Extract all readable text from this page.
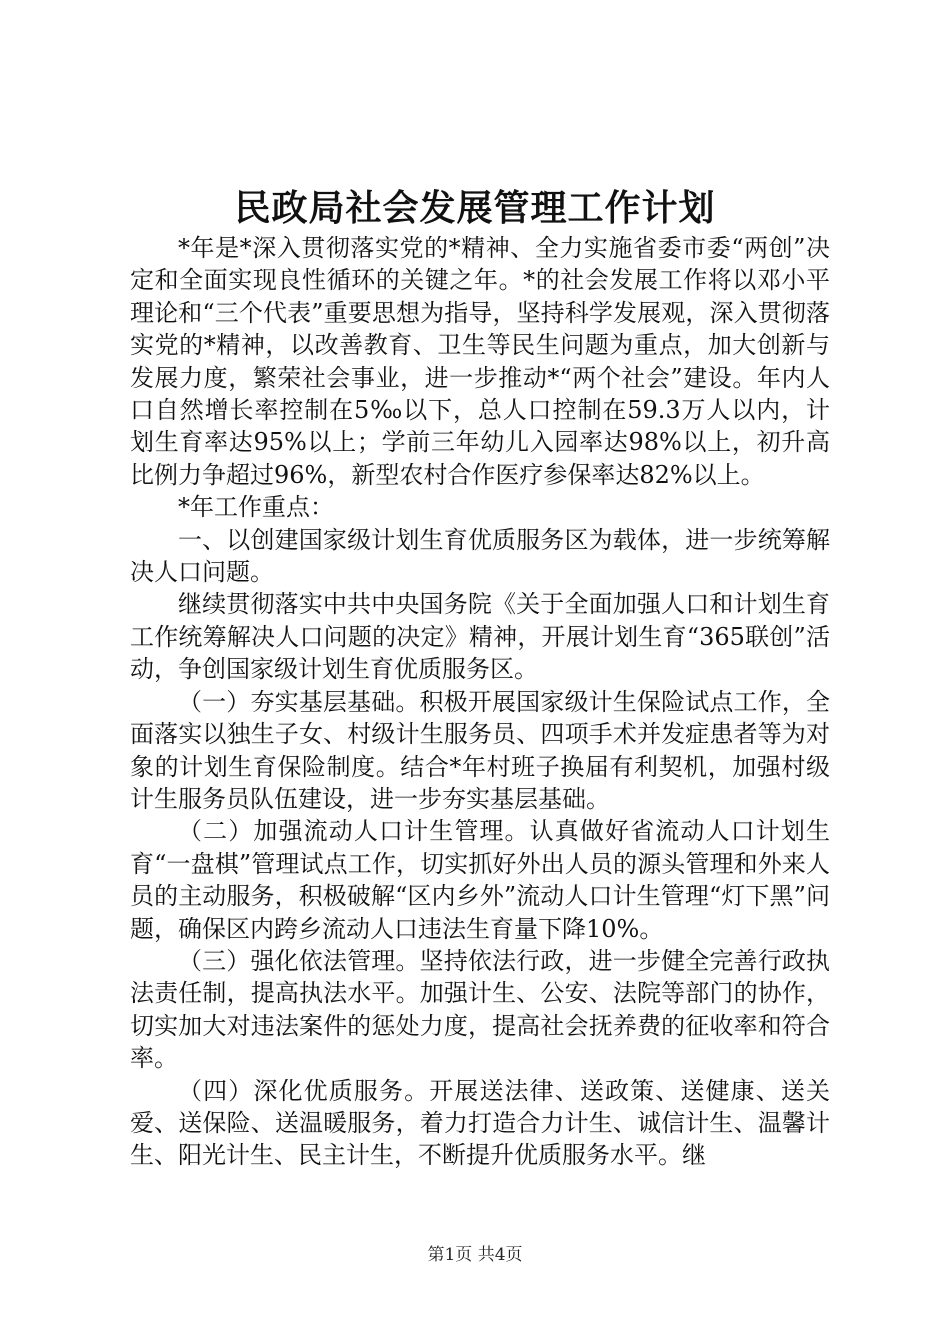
民政局社会发展管理工作计划

*年是*深入贯彻落实党的*精神、全力实施省委市委“两创”决定和全面实现良性循环的关键之年。*的社会发展工作将以邓小平理论和“三个代表”重要思想为指导，坚持科学发展观，深入贯彻落实党的*精神，以改善教育、卫生等民生问题为重点，加大创新与发展力度，繁荣社会事业，进一步推动*“两个社会”建设。年内人口自然增长率控制在5‰以下，总人口控制在59.3万人以内，计划生育率达95%以上；学前三年幼儿入园率达98%以上，初升高比例力争超过96%，新型农村合作医疗参保率达82%以上。

*年工作重点：

一、以创建国家级计划生育优质服务区为载体，进一步统筹解决人口问题。

继续贯彻落实中共中央国务院《关于全面加强人口和计划生育工作统筹解决人口问题的决定》精神，开展计划生育“365联创”活动，争创国家级计划生育优质服务区。

（一）夯实基层基础。积极开展国家级计生保险试点工作，全面落实以独生子女、村级计生服务员、四项手术并发症患者等为对象的计划生育保险制度。结合*年村班子换届有利契机，加强村级计生服务员队伍建设，进一步夯实基层基础。

（二）加强流动人口计生管理。认真做好省流动人口计划生育“一盘棋”管理试点工作，切实抓好外出人员的源头管理和外来人员的主动服务，积极破解“区内乡外”流动人口计生管理“灯下黑”问题，确保区内跨乡流动人口违法生育量下降10%。

（三）强化依法管理。坚持依法行政，进一步健全完善行政执法责任制，提高执法水平。加强计生、公安、法院等部门的协作，切实加大对违法案件的惩处力度，提高社会抚养费的征收率和符合率。

（四）深化优质服务。开展送法律、送政策、送健康、送关爱、送保险、送温暖服务，着力打造合力计生、诚信计生、温馨计生、阳光计生、民主计生，不断提升优质服务水平。继

第1页 共4页
